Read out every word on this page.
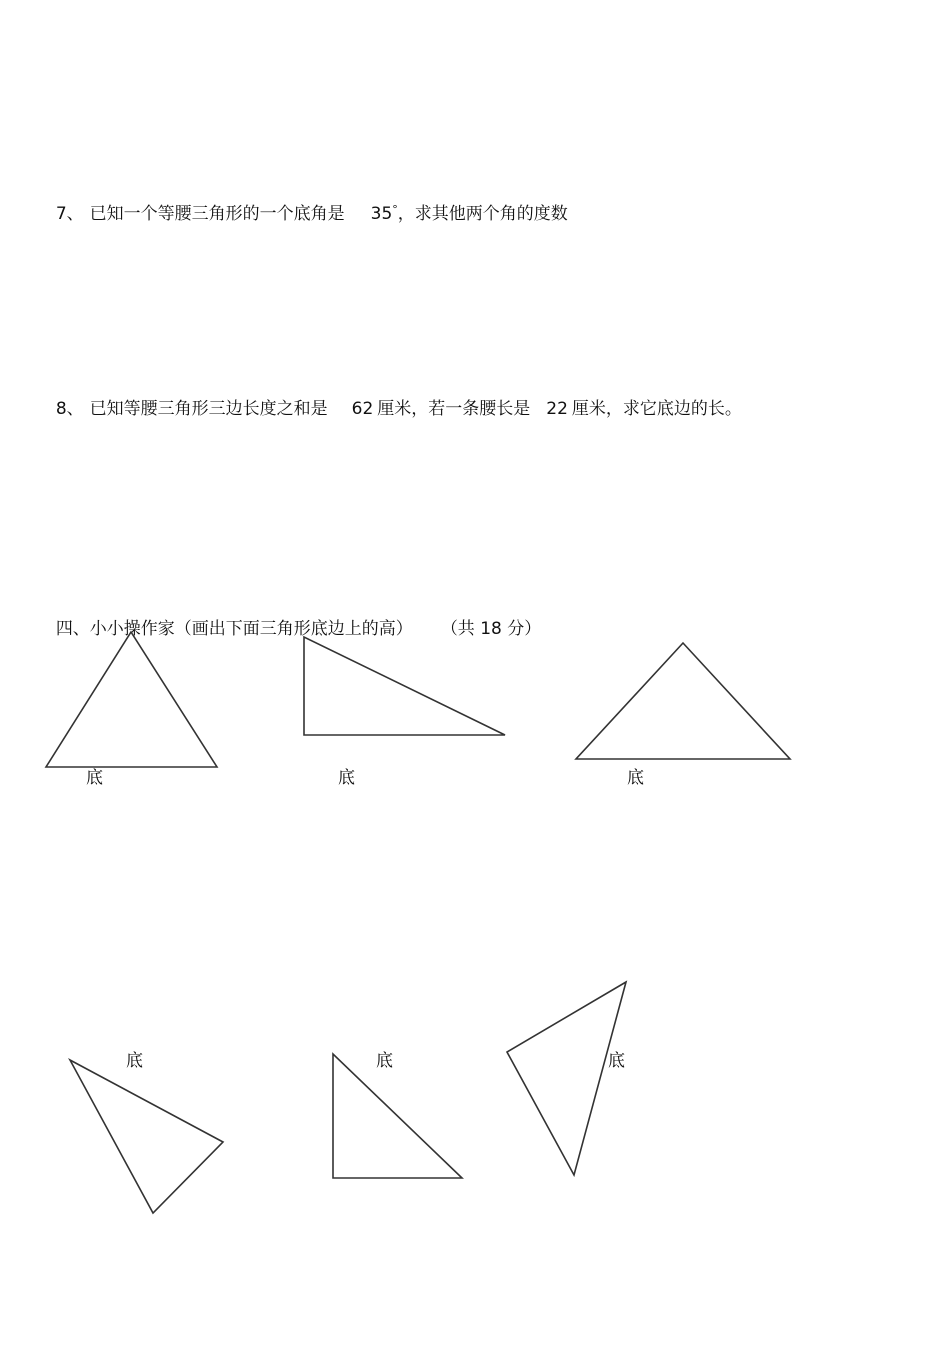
7、 已知一个等腰三角形的一个底角是 35°，求其他两个角的度数

8、 已知等腰三角形三边长度之和是 62 厘米，若一条腰长是 22 厘米，求它底边的长。

四、小小操作家（画出下面三角形底边上的高） （共 18 分）

底	底	底
底	底	底
